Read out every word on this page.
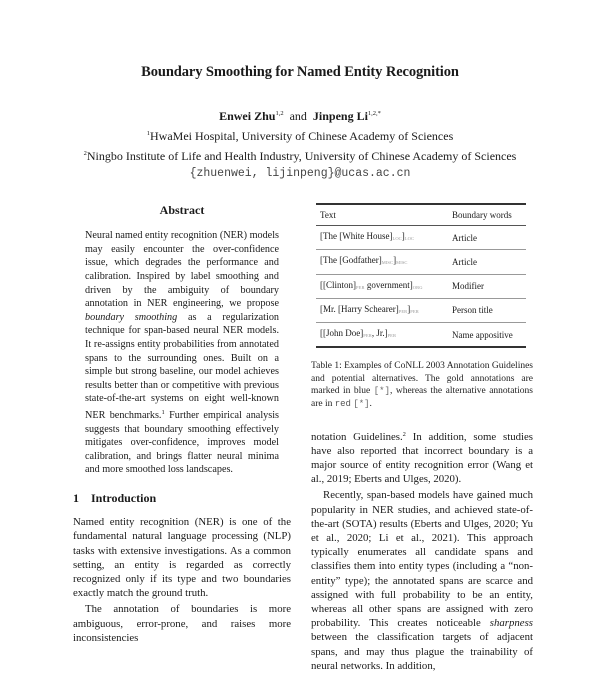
Boundary Smoothing for Named Entity Recognition
Enwei Zhu$^{1,2}$ and Jinpeng $Li^{1,2,*}$
$^1$HwaMei Hospital, University of Chinese Academy of Sciences
$^2$Ningbo Institute of Life and Health Industry, University of Chinese Academy of Sciences
{zhuenwei, lijinpeng}@ucas.ac.cn
Abstract
Neural named entity recognition (NER) models may easily encounter the over-confidence issue, which degrades the performance and calibration. Inspired by label smoothing and driven by the ambiguity of boundary annotation in NER engineering, we propose boundary smoothing as a regularization technique for span-based neural NER models. It re-assigns entity probabilities from annotated spans to the surrounding ones. Built on a simple but strong baseline, our model achieves results better than or competitive with previous state-of-the-art systems on eight well-known NER benchmarks.$^1$ Further empirical analysis suggests that boundary smoothing effectively mitigates over-confidence, improves model calibration, and brings flatter neural minima and more smoothed loss landscapes.
1 Introduction

Named entity recognition (NER) is one of the fundamental natural language processing (NLP) tasks with extensive investigations. As a common setting, an entity is regarded as correctly recognized only if its type and two boundaries exactly match the ground truth.

The annotation of boundaries is more ambiguous, error-prone, and raises more inconsistencies

Text	Boundary words
[The [White House]LOC]LOC	Article
[The [Godfather]MISC]MISC	Article
[[Clinton]PER government]ORG	Modifier
[Mr. [Harry Schearer]PER]PER	Person title
[[John Doe]PER, Jr.]PER	Name appositive
Table 1: Examples of CoNLL 2003 Annotation Guidelines and potential alternatives. The gold annotations are marked in blue [*], whereas the alternative annotations are in red [*].

notation Guidelines.$^2$ In addition, some studies have also reported that incorrect boundary is a major source of entity recognition error (Wang et al., 2019; Eberts and Ulges, 2020).

Recently, span-based models have gained much popularity in NER studies, and achieved state-of-the-art (SOTA) results (Eberts and Ulges, 2020; Yu et al., 2020; Li et al., 2021). This approach typically enumerates all candidate spans and classifies them into entity types (including a “non-entity” type); the annotated spans are scarce and assigned with full probability to be an entity, whereas all other spans are assigned with zero probability. This creates noticeable sharpness between the classification targets of adjacent spans, and may thus plague the trainability of neural networks. In addition,
